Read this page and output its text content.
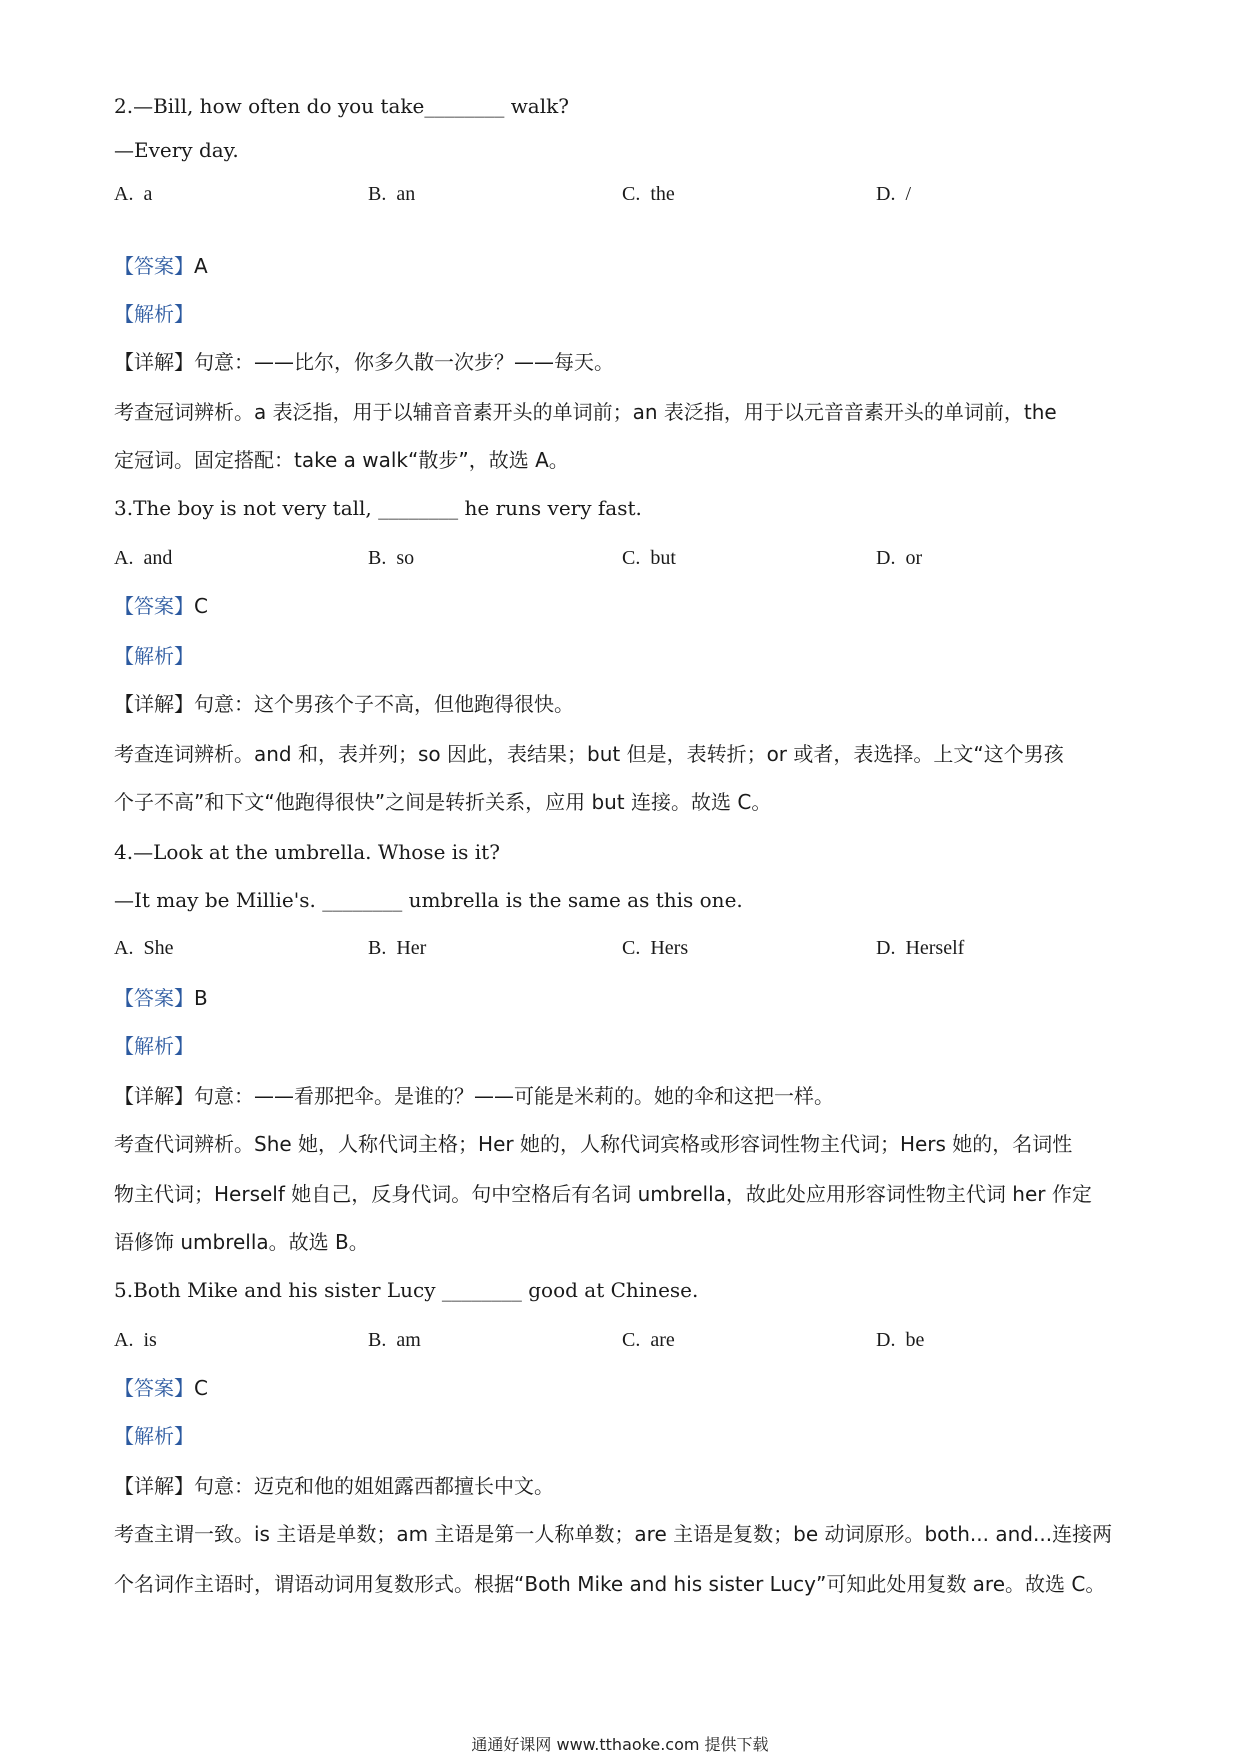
2.—Bill, how often do you take________ walk?
—Every day.
A.  a	B.  an	C.  the	D.  /
【答案】A
【解析】
【详解】句意：——比尔，你多久散一次步？——每天。
考查冠词辨析。a 表泛指，用于以辅音音素开头的单词前；an 表泛指，用于以元音音素开头的单词前，the
定冠词。固定搭配：take a walk“散步”，故选 A。
3.The boy is not very tall, ________ he runs very fast.
A.  and	B.  so	C.  but	D.  or
【答案】C
【解析】
【详解】句意：这个男孩个子不高，但他跑得很快。
考查连词辨析。and 和，表并列；so 因此，表结果；but 但是，表转折；or 或者，表选择。上文“这个男孩
个子不高”和下文“他跑得很快”之间是转折关系，应用 but 连接。故选 C。
4.—Look at the umbrella. Whose is it?
—It may be Millie's. ________ umbrella is the same as this one.
A.  She	B.  Her	C.  Hers	D.  Herself
【答案】B
【解析】
【详解】句意：——看那把伞。是谁的？——可能是米莉的。她的伞和这把一样。
考查代词辨析。She 她，人称代词主格；Her 她的，人称代词宾格或形容词性物主代词；Hers 她的，名词性
物主代词；Herself 她自己，反身代词。句中空格后有名词 umbrella，故此处应用形容词性物主代词 her 作定
语修饰 umbrella。故选 B。
5.Both Mike and his sister Lucy ________ good at Chinese.
A.  is	B.  am	C.  are	D.  be
【答案】C
【解析】
【详解】句意：迈克和他的姐姐露西都擅长中文。
考查主谓一致。is 主语是单数；am 主语是第一人称单数；are 主语是复数；be 动词原形。both... and...连接两
个名词作主语时，谓语动词用复数形式。根据“Both Mike and his sister Lucy”可知此处用复数 are。故选 C。
通通好课网 www.tthaoke.com 提供下载
